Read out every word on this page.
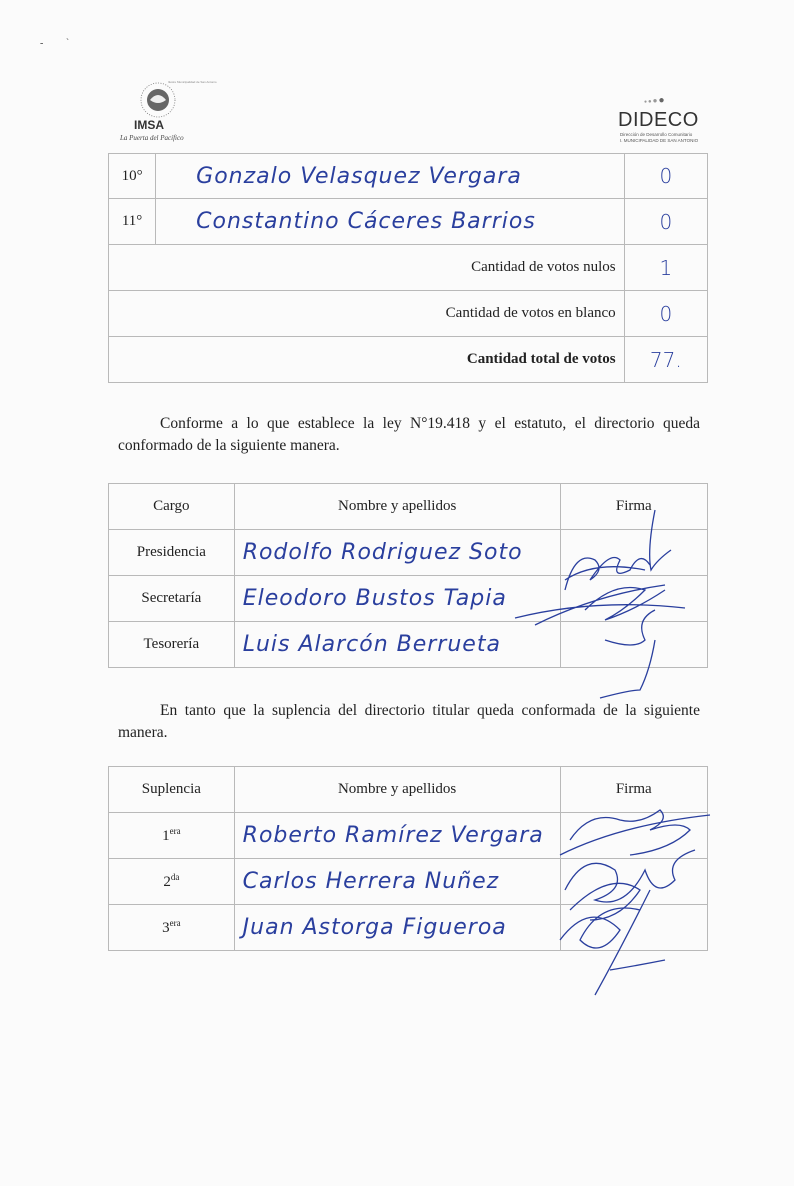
-         `
IMSA
Ilustre Municipalidad de San Antonio
La Puerta del Pacífico
●●●●
DIDECO
Dirección de Desarrollo Comunitario
I. MUNICIPALIDAD DE SAN ANTONIO
10°	Gonzalo Velasquez Vergara	0
11°	Constantino Cáceres Barrios	0
Cantidad de votos nulos		1
Cantidad de votos en blanco		0
Cantidad total de votos		77.
Conforme a lo que establece la ley N°19.418 y el estatuto, el directorio queda conformado de la siguiente manera.
Cargo	Nombre y apellidos	Firma
Presidencia	Rodolfo Rodriguez Soto	
Secretaría	Eleodoro Bustos Tapia	
Tesorería	Luis Alarcón Berrueta	
En tanto que la suplencia del directorio titular queda conformada de la siguiente manera.
Suplencia	Nombre y apellidos	Firma
$1^{era}$	Roberto Ramírez Vergara	
$2^{da}$	Carlos Herrera Nuñez	
$3^{era}$	Juan Astorga Figueroa	
